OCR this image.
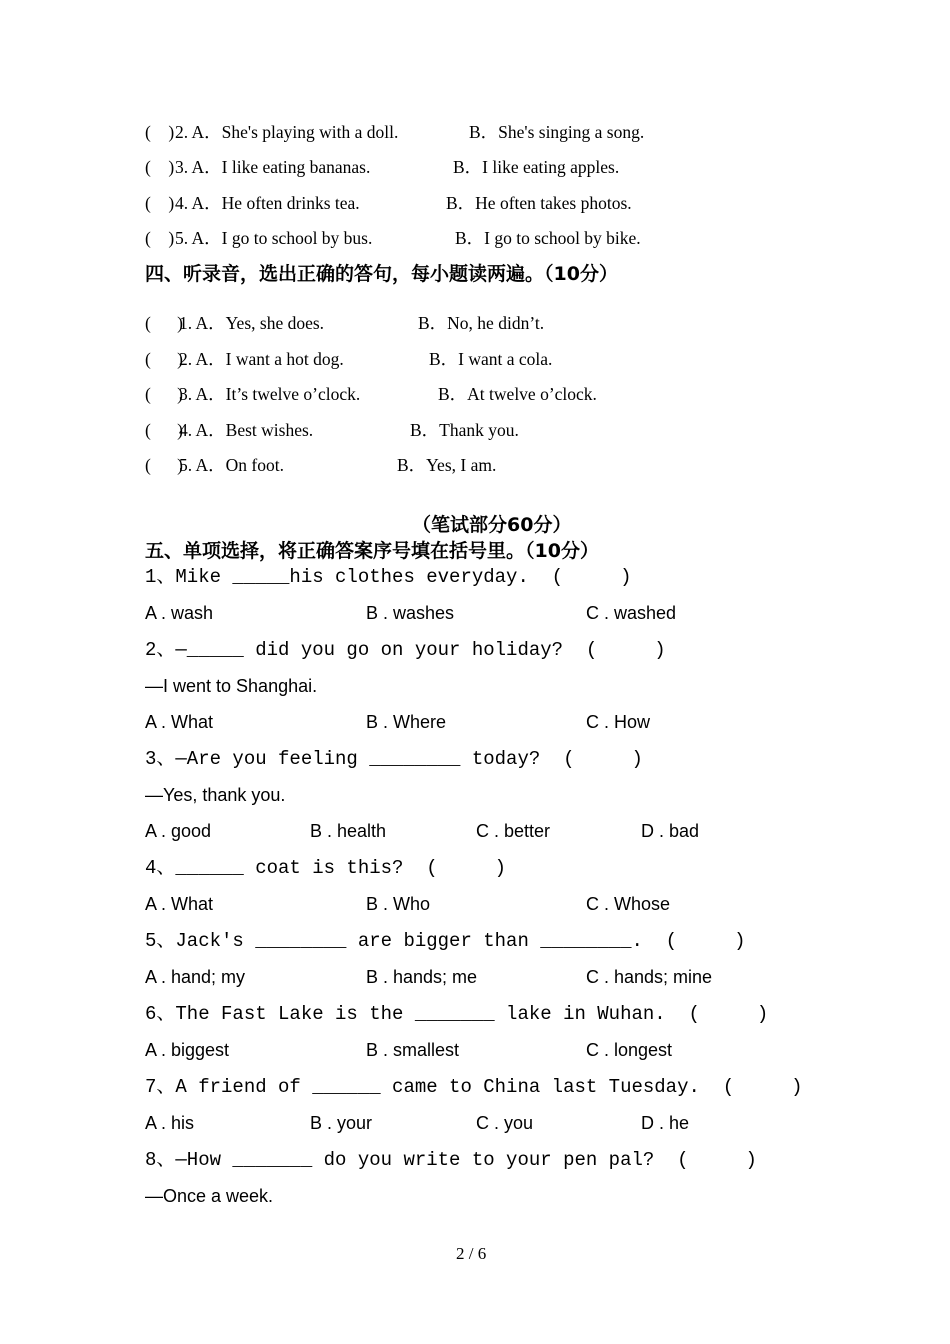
(    )

2. A．She's playing with a doll.

	B．She's singing a song.

(    )

3. A．I like eating bananas.

	B．I like eating apples.

(    )

4. A．He often drinks tea.

	B．He often takes photos.

(    )

5. A．I go to school by bus.

	B．I go to school by bike.

四、听录音，选出正确的答句，每小题读两遍。（10分）

(      )

1. A．Yes, she does.

	B．No, he didn’t.

(      )

2. A．I want a hot dog.

	B．I want a cola.

(      )

3. A．It’s twelve o’clock.

	B．At twelve o’clock.

(      )

4. A．Best wishes.

	B．Thank you.

(      )

5. A．On foot.

	B．Yes, I am.

（笔试部分60分）
五、单项选择，将正确答案序号填在括号里。（10分）
1、Mike _____his clothes everyday.  (     )

A . wash

	B . washes

	C . washed

2、—_____ did you go on your holiday?  (     )
—I went to Shanghai.

A . What

	B . Where

	C . How

3、—Are you feeling ________ today?  (     )
—Yes, thank you.

A . good

	B . health

	C . better

	D . bad

4、______ coat is this?  (     )

A . What

	B . Who

	C . Whose

5、Jack's ________ are bigger than ________.  (     )

A . hand; my

	B . hands; me

	C . hands; mine

6、The Fast Lake is the _______ lake in Wuhan.  (     )

A . biggest

	B . smallest

	C . longest

7、A friend of ______ came to China last Tuesday.  (     )

A . his

	B . your

	C . you

	D . he

8、—How _______ do you write to your pen pal?  (     )
—Once a week.
2 / 6
